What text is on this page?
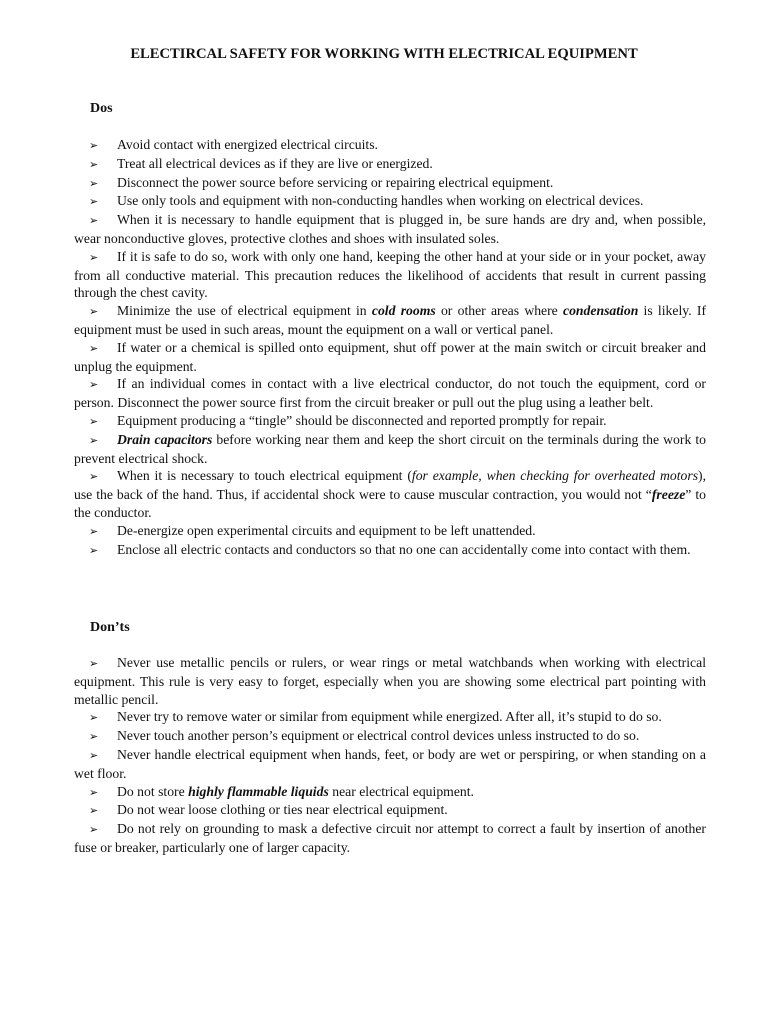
ELECTIRCAL SAFETY FOR WORKING WITH ELECTRICAL EQUIPMENT
Dos
➢ Avoid contact with energized electrical circuits.
➢ Treat all electrical devices as if they are live or energized.
➢ Disconnect the power source before servicing or repairing electrical equipment.
➢ Use only tools and equipment with non-conducting handles when working on electrical devices.
➢ When it is necessary to handle equipment that is plugged in, be sure hands are dry and, when possible, wear nonconductive gloves, protective clothes and shoes with insulated soles.
➢ If it is safe to do so, work with only one hand, keeping the other hand at your side or in your pocket, away from all conductive material. This precaution reduces the likelihood of accidents that result in current passing through the chest cavity.
➢ Minimize the use of electrical equipment in cold rooms or other areas where condensation is likely. If equipment must be used in such areas, mount the equipment on a wall or vertical panel.
➢ If water or a chemical is spilled onto equipment, shut off power at the main switch or circuit breaker and unplug the equipment.
➢ If an individual comes in contact with a live electrical conductor, do not touch the equipment, cord or person. Disconnect the power source first from the circuit breaker or pull out the plug using a leather belt.
➢ Equipment producing a “tingle” should be disconnected and reported promptly for repair.
➢ Drain capacitors before working near them and keep the short circuit on the terminals during the work to prevent electrical shock.
➢ When it is necessary to touch electrical equipment (for example, when checking for overheated motors), use the back of the hand. Thus, if accidental shock were to cause muscular contraction, you would not “freeze” to the conductor.
➢ De-energize open experimental circuits and equipment to be left unattended.
➢ Enclose all electric contacts and conductors so that no one can accidentally come into contact with them.
Don’ts
➢ Never use metallic pencils or rulers, or wear rings or metal watchbands when working with electrical equipment. This rule is very easy to forget, especially when you are showing some electrical part pointing with metallic pencil.
➢ Never try to remove water or similar from equipment while energized. After all, it’s stupid to do so.
➢ Never touch another person’s equipment or electrical control devices unless instructed to do so.
➢ Never handle electrical equipment when hands, feet, or body are wet or perspiring, or when standing on a wet floor.
➢ Do not store highly flammable liquids near electrical equipment.
➢ Do not wear loose clothing or ties near electrical equipment.
➢ Do not rely on grounding to mask a defective circuit nor attempt to correct a fault by insertion of another fuse or breaker, particularly one of larger capacity.
